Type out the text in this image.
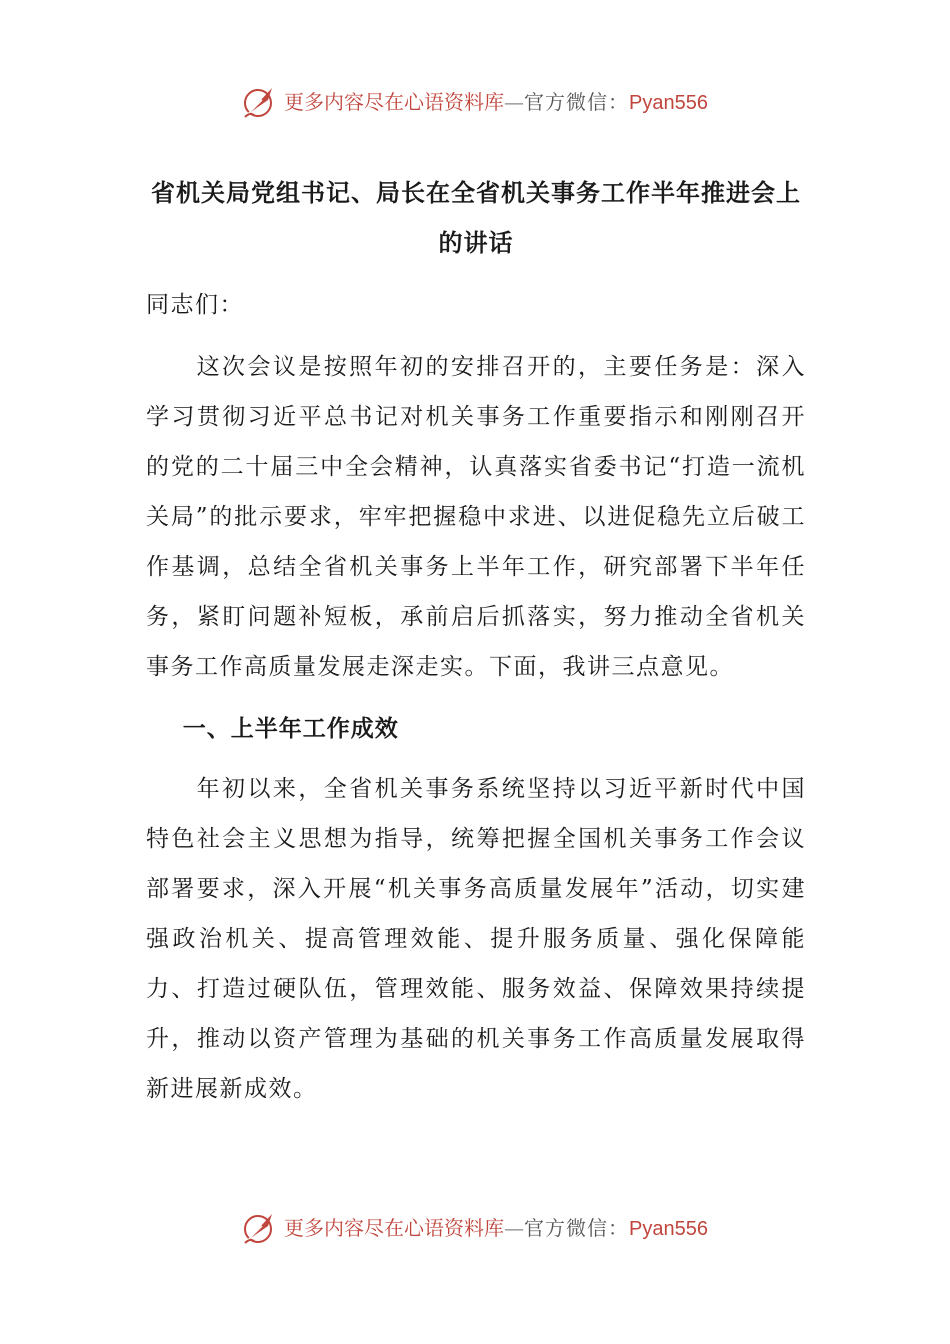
更多内容尽在心语资料库—官方微信：Pyan556
省机关局党组书记、局长在全省机关事务工作半年推进会上的讲话

同志们：

这次会议是按照年初的安排召开的，主要任务是：深入学习贯彻习近平总书记对机关事务工作重要指示和刚刚召开的党的二十届三中全会精神，认真落实省委书记“打造一流机关局”的批示要求，牢牢把握稳中求进、以进促稳先立后破工作基调，总结全省机关事务上半年工作，研究部署下半年任务，紧盯问题补短板，承前启后抓落实，努力推动全省机关事务工作高质量发展走深走实。下面，我讲三点意见。

一、上半年工作成效

年初以来，全省机关事务系统坚持以习近平新时代中国特色社会主义思想为指导，统筹把握全国机关事务工作会议部署要求，深入开展“机关事务高质量发展年”活动，切实建强政治机关、提高管理效能、提升服务质量、强化保障能力、打造过硬队伍，管理效能、服务效益、保障效果持续提升，推动以资产管理为基础的机关事务工作高质量发展取得新进展新成效。

更多内容尽在心语资料库—官方微信：Pyan556
